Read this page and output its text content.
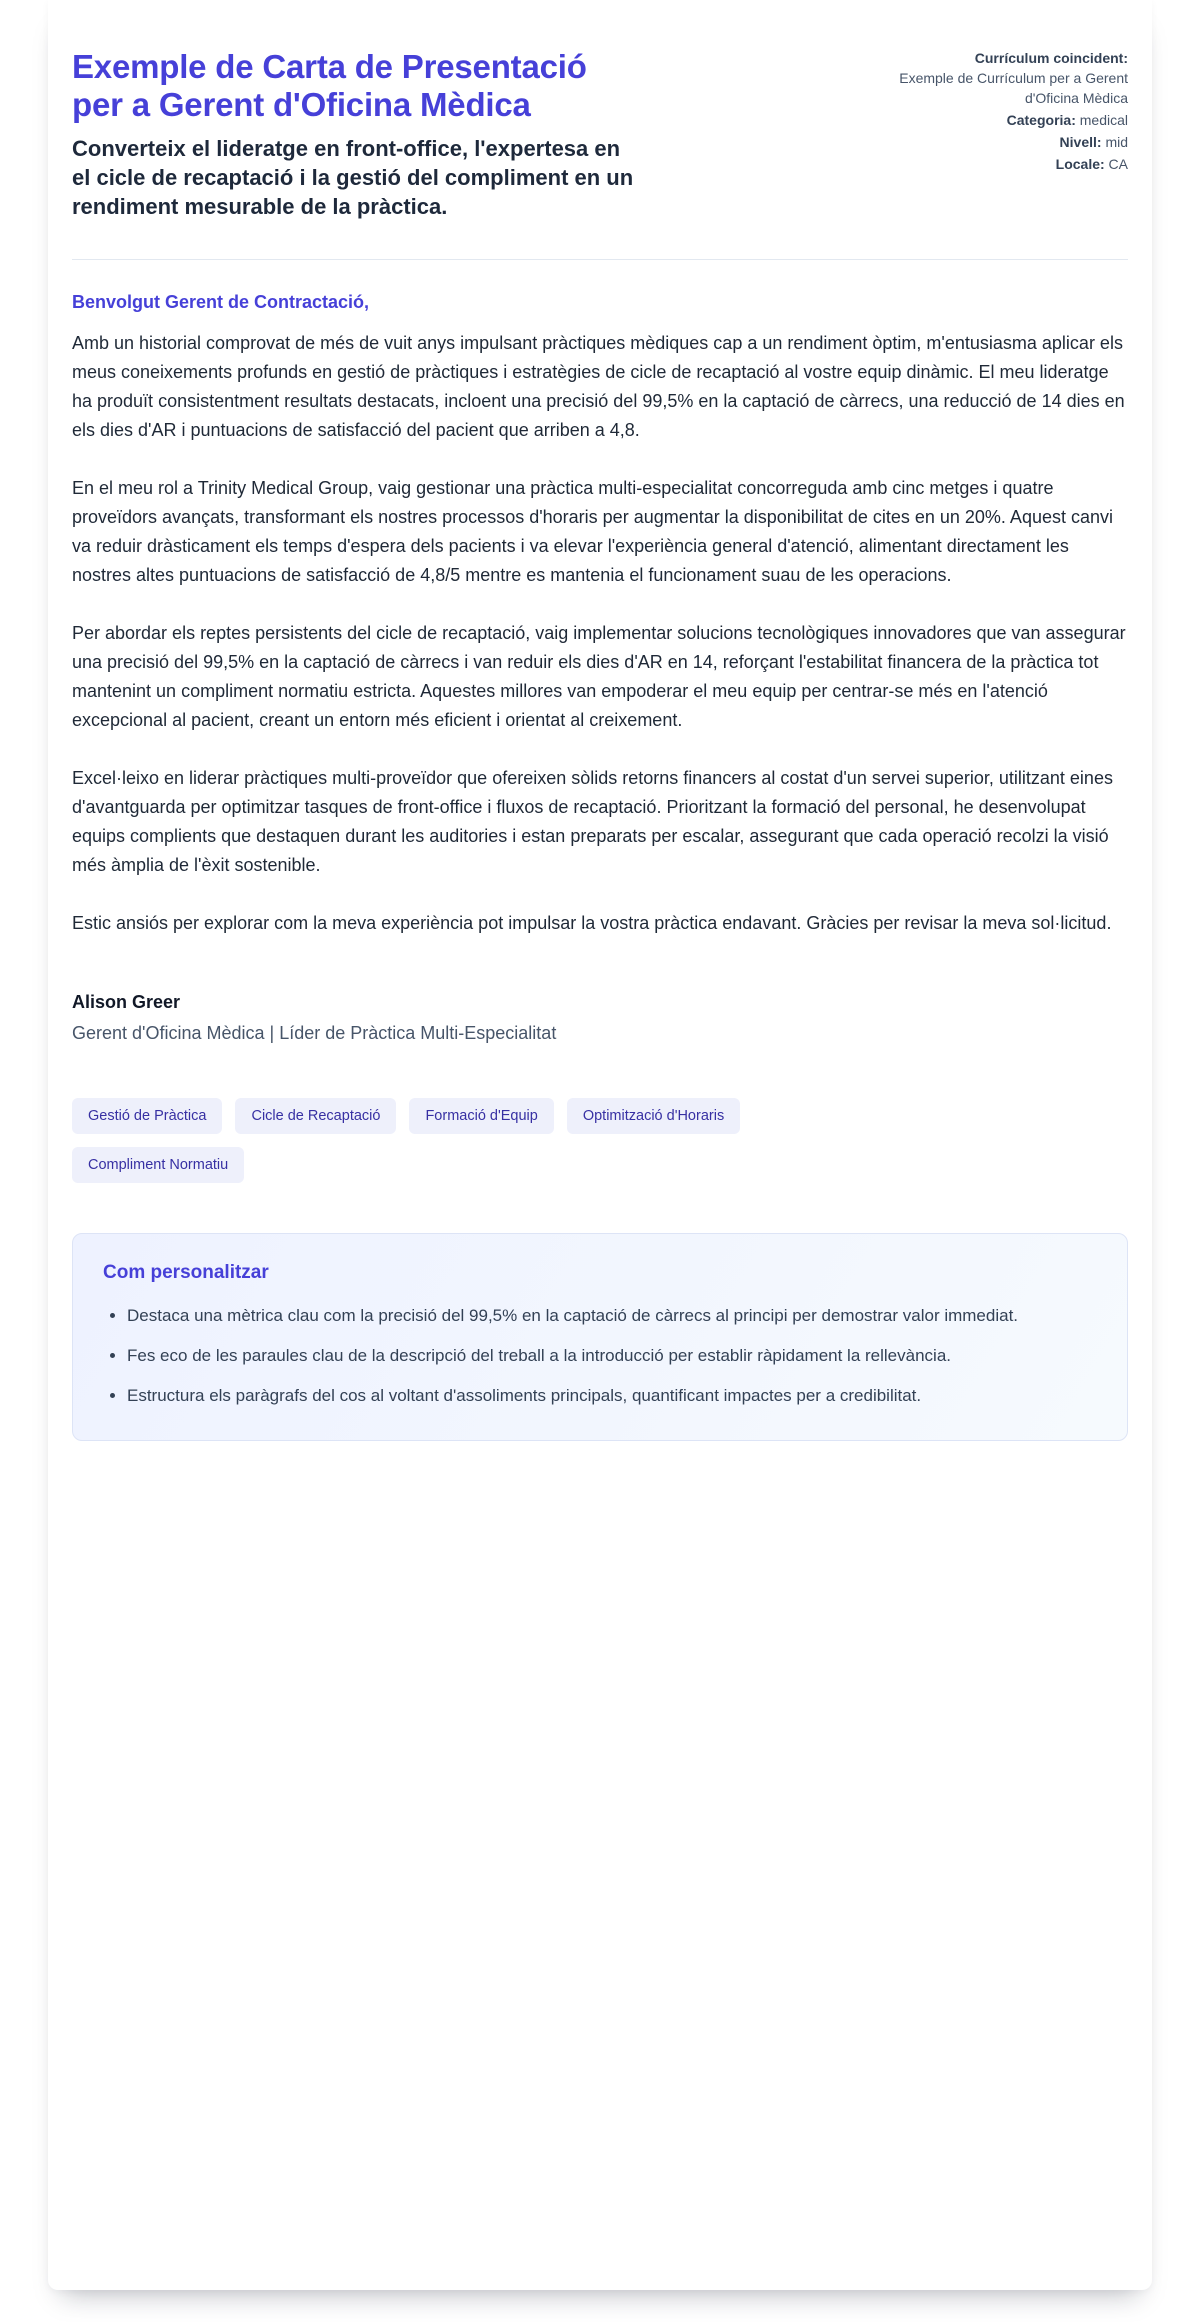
Exemple de Carta de Presentació per a Gerent d'Oficina Mèdica
Converteix el lideratge en front-office, l'expertesa en el cicle de recaptació i la gestió del compliment en un rendiment mesurable de la pràctica.
Currículum coincident:
Exemple de Currículum per a Gerent d'Oficina Mèdica
Categoria: medical
Nivell: mid
Locale: CA

Benvolgut Gerent de Contractació,

Amb un historial comprovat de més de vuit anys impulsant pràctiques mèdiques cap a un rendiment òptim, m'entusiasma aplicar els meus coneixements profunds en gestió de pràctiques i estratègies de cicle de recaptació al vostre equip dinàmic. El meu lideratge ha produït consistentment resultats destacats, incloent una precisió del 99,5% en la captació de càrrecs, una reducció de 14 dies en els dies d'AR i puntuacions de satisfacció del pacient que arriben a 4,8.

En el meu rol a Trinity Medical Group, vaig gestionar una pràctica multi-especialitat concorreguda amb cinc metges i quatre proveïdors avançats, transformant els nostres processos d'horaris per augmentar la disponibilitat de cites en un 20%. Aquest canvi va reduir dràsticament els temps d'espera dels pacients i va elevar l'experiència general d'atenció, alimentant directament les nostres altes puntuacions de satisfacció de 4,8/5 mentre es mantenia el funcionament suau de les operacions.

Per abordar els reptes persistents del cicle de recaptació, vaig implementar solucions tecnològiques innovadores que van assegurar una precisió del 99,5% en la captació de càrrecs i van reduir els dies d'AR en 14, reforçant l'estabilitat financera de la pràctica tot mantenint un compliment normatiu estricta. Aquestes millores van empoderar el meu equip per centrar-se més en l'atenció excepcional al pacient, creant un entorn més eficient i orientat al creixement.

Excel·leixo en liderar pràctiques multi-proveïdor que ofereixen sòlids retorns financers al costat d'un servei superior, utilitzant eines d'avantguarda per optimitzar tasques de front-office i fluxos de recaptació. Prioritzant la formació del personal, he desenvolupat equips complients que destaquen durant les auditories i estan preparats per escalar, assegurant que cada operació recolzi la visió més àmplia de l'èxit sostenible.

Estic ansiós per explorar com la meva experiència pot impulsar la vostra pràctica endavant. Gràcies per revisar la meva sol·licitud.

Alison Greer

Gerent d'Oficina Mèdica | Líder de Pràctica Multi-Especialitat

Gestió de Pràctica	Cicle de Recaptació	Formació d'Equip	Optimització d'Horaris
Compliment Normatiu
Com personalitzar
• Destaca una mètrica clau com la precisió del 99,5% en la captació de càrrecs al principi per demostrar valor immediat.
• Fes eco de les paraules clau de la descripció del treball a la introducció per establir ràpidament la rellevància.
• Estructura els paràgrafs del cos al voltant d'assoliments principals, quantificant impactes per a credibilitat.
